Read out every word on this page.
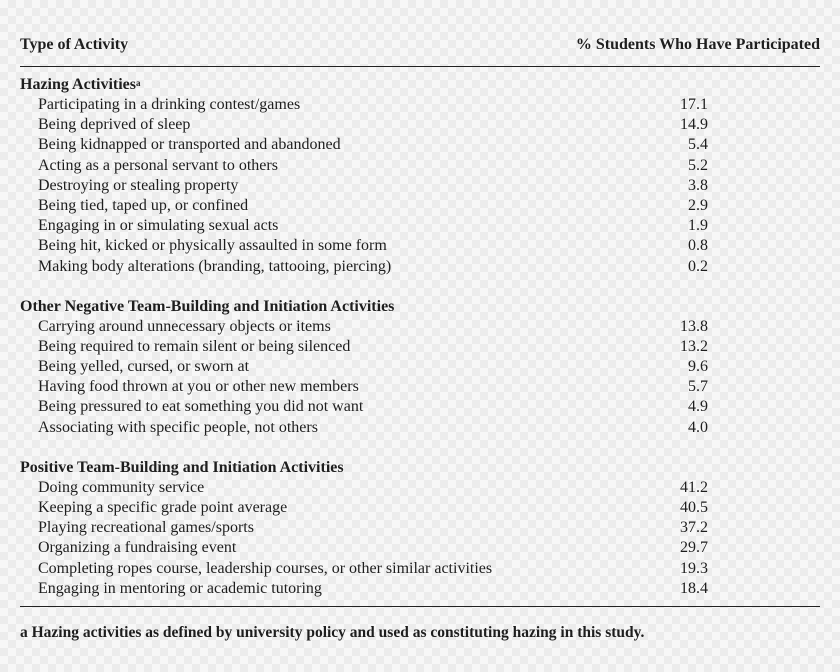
Type of Activity	% Students Who Have Participated
Hazing Activities$^a$
Participating in a drinking contest/games	17.1
Being deprived of sleep	14.9
Being kidnapped or transported and abandoned	5.4
Acting as a personal servant to others	5.2
Destroying or stealing property	3.8
Being tied, taped up, or confined	2.9
Engaging in or simulating sexual acts	1.9
Being hit, kicked or physically assaulted in some form	0.8
Making body alterations (branding, tattooing, piercing)	0.2
Other Negative Team-Building and Initiation Activities
Carrying around unnecessary objects or items	13.8
Being required to remain silent or being silenced	13.2
Being yelled, cursed, or sworn at	9.6
Having food thrown at you or other new members	5.7
Being pressured to eat something you did not want	4.9
Associating with specific people, not others	4.0
Positive Team-Building and Initiation Activities
Doing community service	41.2
Keeping a specific grade point average	40.5
Playing recreational games/sports	37.2
Organizing a fundraising event	29.7
Completing ropes course, leadership courses, or other similar activities	19.3
Engaging in mentoring or academic tutoring	18.4
a Hazing activities as defined by university policy and used as constituting hazing in this study.
